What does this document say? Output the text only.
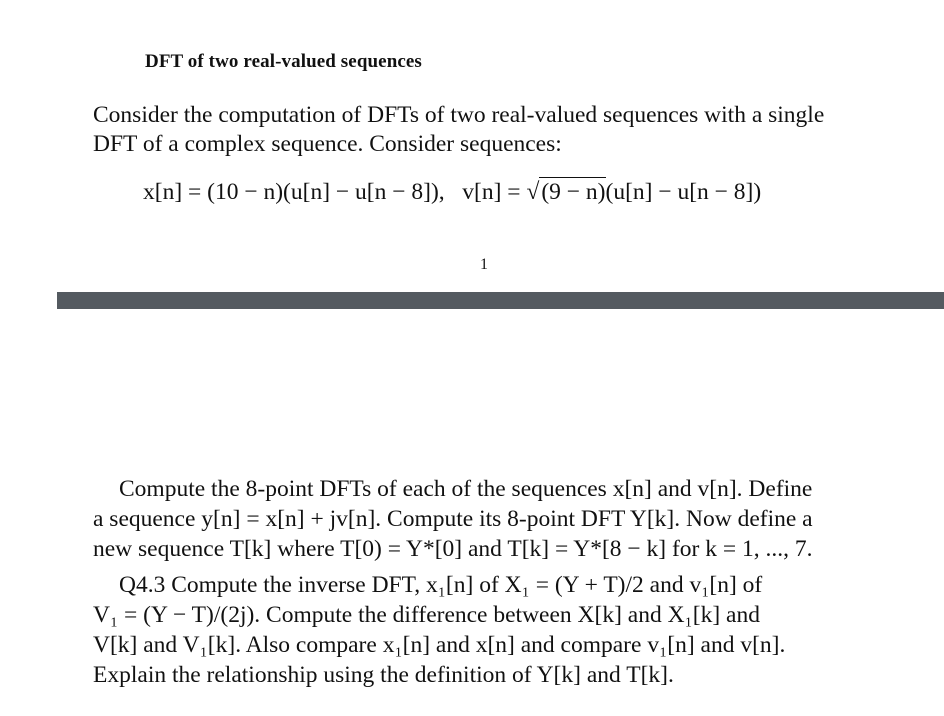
DFT of two real-valued sequences
Consider the computation of DFTs of two real-valued sequences with a single
DFT of a complex sequence. Consider sequences:
x[n] = (10 − n)(u[n] − u[n − 8]), v[n] = √(9 − n)(u[n] − u[n − 8])
1
Compute the 8-point DFTs of each of the sequences x[n] and v[n]. Define
a sequence y[n] = x[n] + jv[n]. Compute its 8-point DFT Y[k]. Now define a
new sequence T[k] where T[0) = Y*[0] and T[k] = Y*[8 − k] for k = 1, ..., 7.
Q4.3 Compute the inverse DFT, x₁[n] of X₁ = (Y + T)/2 and v₁[n] of
V₁ = (Y − T)/(2j). Compute the difference between X[k] and X₁[k] and
V[k] and V₁[k]. Also compare x₁[n] and x[n] and compare v₁[n] and v[n].
Explain the relationship using the definition of Y[k] and T[k].
